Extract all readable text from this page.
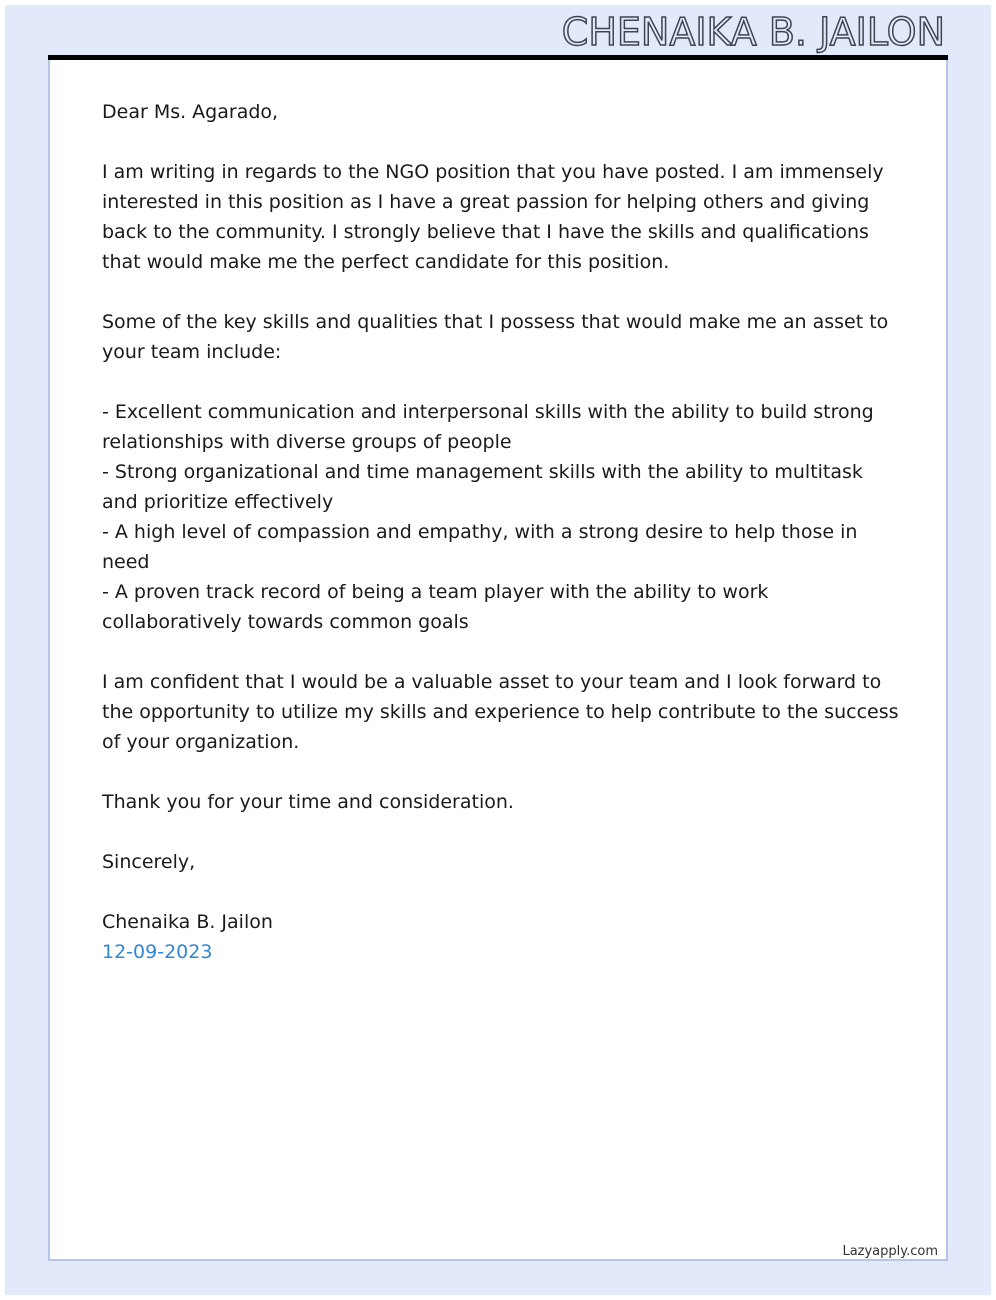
CHENAIKA B. JAILON

Dear Ms. Agarado,

I am writing in regards to the NGO position that you have posted. I am immensely interested in this position as I have a great passion for helping others and giving back to the community. I strongly believe that I have the skills and qualifications that would make me the perfect candidate for this position.

Some of the key skills and qualities that I possess that would make me an asset to your team include:

- Excellent communication and interpersonal skills with the ability to build strong relationships with diverse groups of people

- Strong organizational and time management skills with the ability to multitask and prioritize effectively

- A high level of compassion and empathy, with a strong desire to help those in need

- A proven track record of being a team player with the ability to work collaboratively towards common goals

I am confident that I would be a valuable asset to your team and I look forward to the opportunity to utilize my skills and experience to help contribute to the success of your organization.

Thank you for your time and consideration.

Sincerely,

Chenaika B. Jailon

12-09-2023

Lazyapply.com
